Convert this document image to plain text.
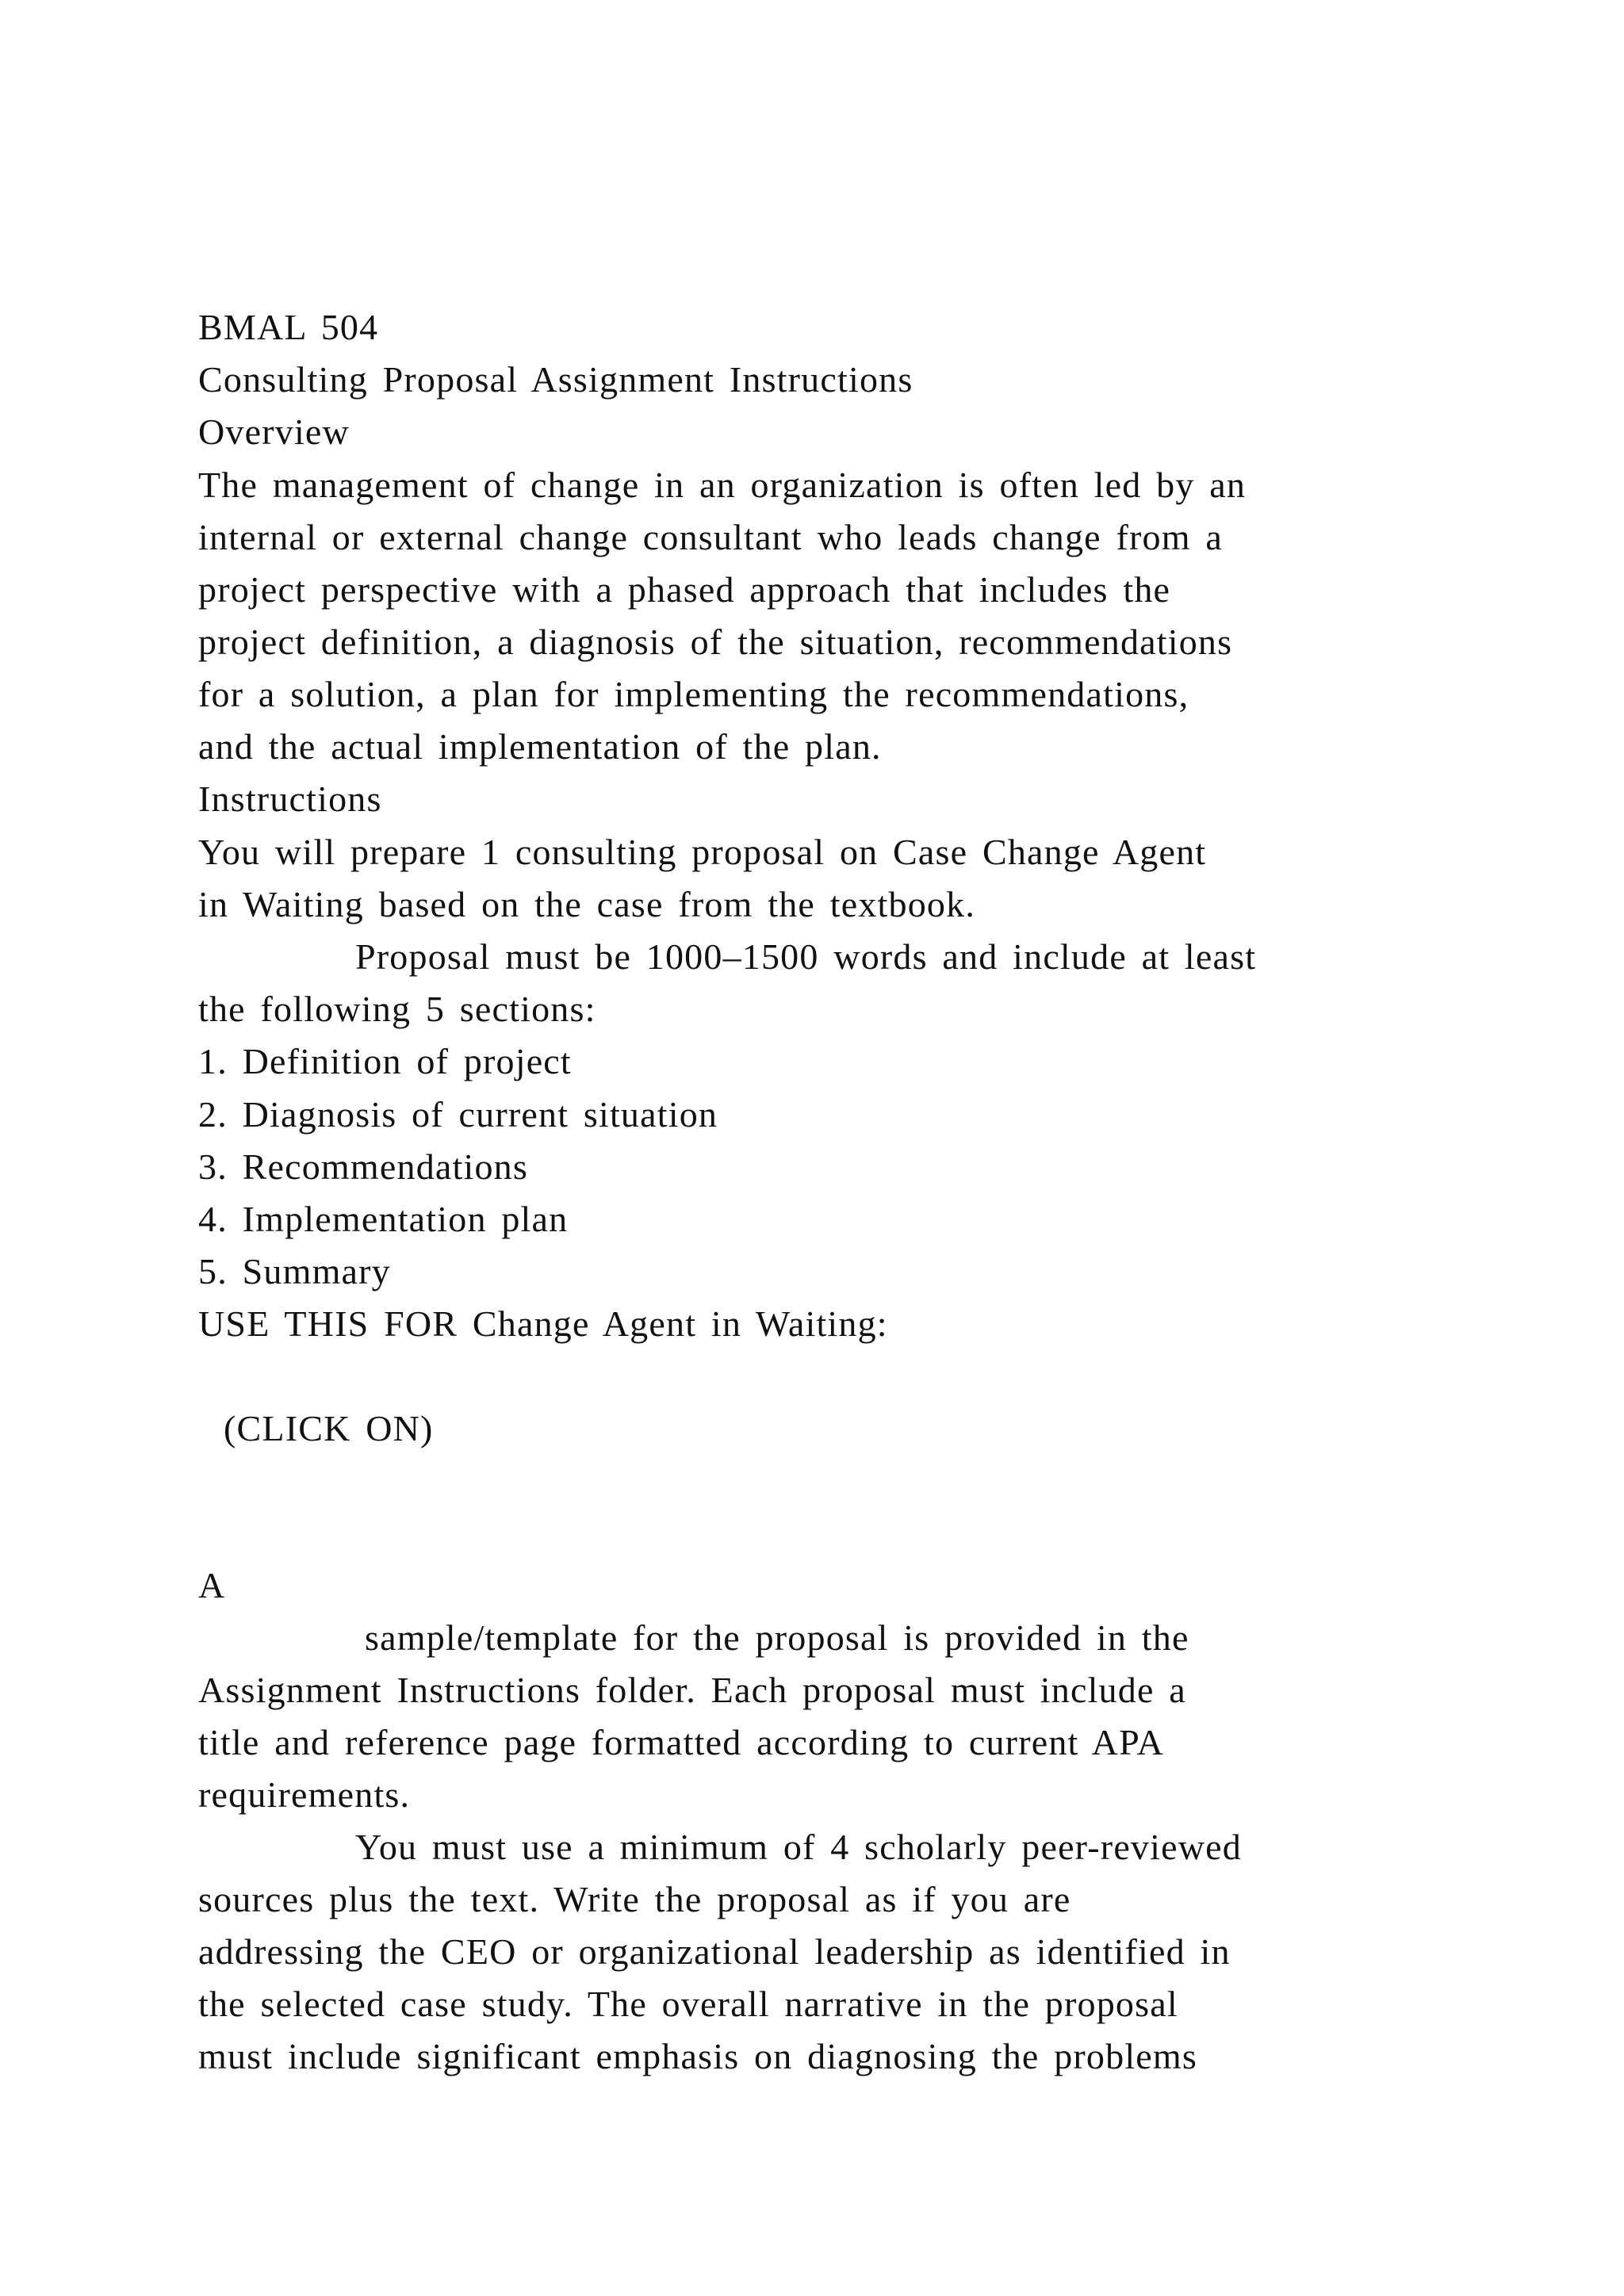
BMAL 504

Consulting Proposal Assignment Instructions

Overview

The management of change in an organization is often led by an

internal or external change consultant who leads change from a

project perspective with a phased approach that includes the

project definition, a diagnosis of the situation, recommendations

for a solution, a plan for implementing the recommendations,

and the actual implementation of the plan.

Instructions

You will prepare 1 consulting proposal on Case Change Agent

in Waiting based on the case from the textbook.

Proposal must be 1000–1500 words and include at least

the following 5 sections:

1. Definition of project

2. Diagnosis of current situation

3. Recommendations

4. Implementation plan

5. Summary

USE THIS FOR Change Agent in Waiting:

(CLICK ON)

A

sample/template for the proposal is provided in the

Assignment Instructions folder. Each proposal must include a

title and reference page formatted according to current APA

requirements.

You must use a minimum of 4 scholarly peer-reviewed

sources plus the text. Write the proposal as if you are

addressing the CEO or organizational leadership as identified in

the selected case study. The overall narrative in the proposal

must include significant emphasis on diagnosing the problems
